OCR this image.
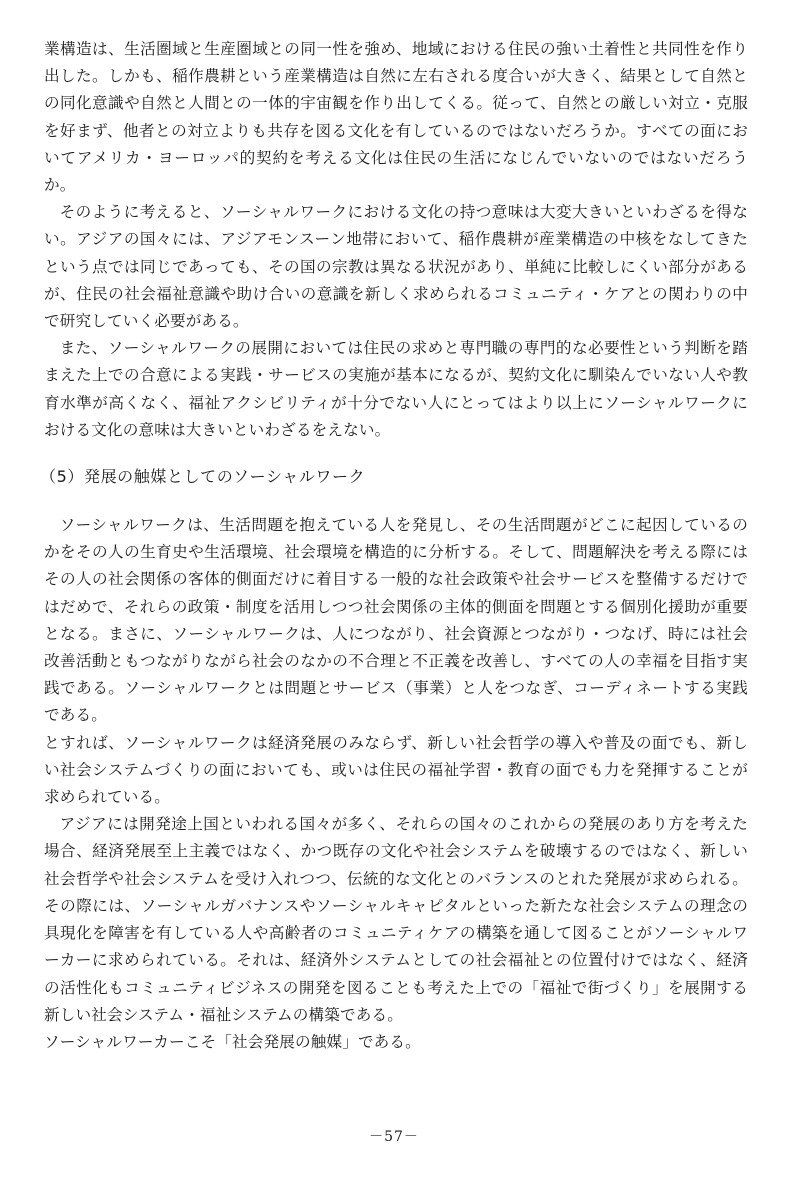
業構造は、生活圏域と生産圏域との同一性を強め、地域における住民の強い土着性と共同性を作り出した。しかも、稲作農耕という産業構造は自然に左右される度合いが大きく、結果として自然との同化意識や自然と人間との一体的宇宙観を作り出してくる。従って、自然との厳しい対立・克服を好まず、他者との対立よりも共存を図る文化を有しているのではないだろうか。すべての面においてアメリカ・ヨーロッパ的契約を考える文化は住民の生活になじんでいないのではないだろうか。

そのように考えると、ソーシャルワークにおける文化の持つ意味は大変大きいといわざるを得ない。アジアの国々には、アジアモンスーン地帯において、稲作農耕が産業構造の中核をなしてきたという点では同じであっても、その国の宗教は異なる状況があり、単純に比較しにくい部分があるが、住民の社会福祉意識や助け合いの意識を新しく求められるコミュニティ・ケアとの関わりの中で研究していく必要がある。

また、ソーシャルワークの展開においては住民の求めと専門職の専門的な必要性という判断を踏まえた上での合意による実践・サービスの実施が基本になるが、契約文化に馴染んでいない人や教育水準が高くなく、福祉アクシビリティが十分でない人にとってはより以上にソーシャルワークにおける文化の意味は大きいといわざるをえない。

（5）発展の触媒としてのソーシャルワーク

ソーシャルワークは、生活問題を抱えている人を発見し、その生活問題がどこに起因しているのかをその人の生育史や生活環境、社会環境を構造的に分析する。そして、問題解決を考える際にはその人の社会関係の客体的側面だけに着目する一般的な社会政策や社会サービスを整備するだけではだめで、それらの政策・制度を活用しつつ社会関係の主体的側面を問題とする個別化援助が重要となる。まさに、ソーシャルワークは、人につながり、社会資源とつながり・つなげ、時には社会改善活動ともつながりながら社会のなかの不合理と不正義を改善し、すべての人の幸福を目指す実践である。ソーシャルワークとは問題とサービス（事業）と人をつなぎ、コーディネートする実践である。

とすれば、ソーシャルワークは経済発展のみならず、新しい社会哲学の導入や普及の面でも、新しい社会システムづくりの面においても、或いは住民の福祉学習・教育の面でも力を発揮することが求められている。

アジアには開発途上国といわれる国々が多く、それらの国々のこれからの発展のあり方を考えた場合、経済発展至上主義ではなく、かつ既存の文化や社会システムを破壊するのではなく、新しい社会哲学や社会システムを受け入れつつ、伝統的な文化とのバランスのとれた発展が求められる。その際には、ソーシャルガバナンスやソーシャルキャピタルといった新たな社会システムの理念の具現化を障害を有している人や高齢者のコミュニティケアの構築を通して図ることがソーシャルワーカーに求められている。それは、経済外システムとしての社会福祉との位置付けではなく、経済の活性化もコミュニティビジネスの開発を図ることも考えた上での「福祉で街づくり」を展開する新しい社会システム・福祉システムの構築である。

ソーシャルワーカーこそ「社会発展の触媒」である。

－57－
